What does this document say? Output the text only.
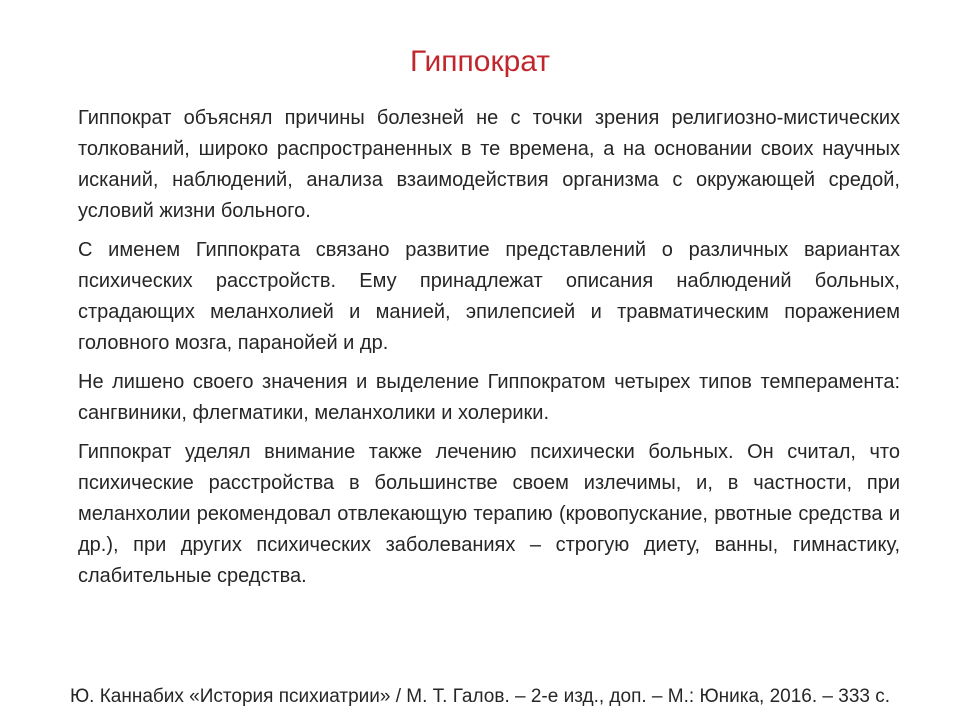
Гиппократ

Гиппократ объяснял причины болезней не с точки зрения религиозно-мистических толкований, широко распространенных в те времена, а на основании своих научных исканий, наблюдений, анализа взаимодействия организма с окружающей средой, условий жизни больного.

С именем Гиппократа связано развитие представлений о различных вариантах психических расстройств. Ему принадлежат описания наблюдений больных, страдающих меланхолией и манией, эпилепсией и травматическим поражением головного мозга, паранойей и др.

Не лишено своего значения и выделение Гиппократом четырех типов темперамента: сангвиники, флегматики, меланхолики и холерики.

Гиппократ уделял внимание также лечению психически больных. Он считал, что психические расстройства в большинстве своем излечимы, и, в частности, при меланхолии рекомендовал отвлекающую терапию (кровопускание, рвотные средства и др.), при других психических заболеваниях – строгую диету, ванны, гимнастику, слабительные средства.

Ю. Каннабих «История психиатрии» / М. Т. Галов. – 2-е изд., доп. – М.: Юника, 2016. – 333 с.
